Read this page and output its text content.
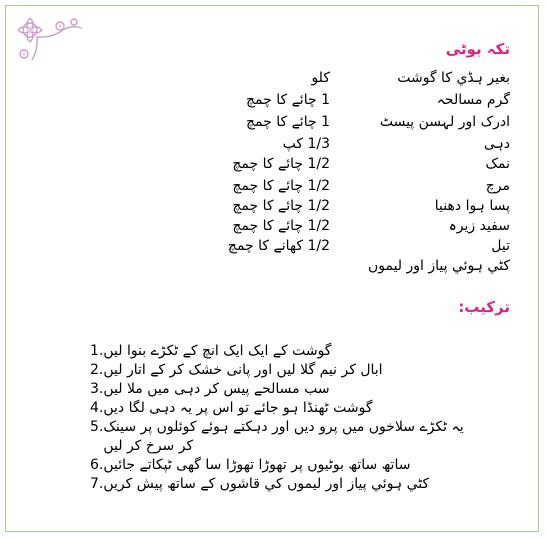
تکہ بوٹی
بغیر ہڈي کا گوشت
کلو
گرم مسالحہ
1 چائے کا چمچ
ادرک اور لہسن پیسٹ
1 چائے کا چمچ
دہی
1/3 کپ
نمک
1/2 چائے کا چمچ
مرچ
1/2 چائے کا چمچ
پسا ہوا دھنیا
1/2 چائے کا چمچ
سفید زیرہ
1/2 چائے کا چمچ
تیل
1/2 کھانے کا چمچ
کٹي ہوئي پیاز اور لیموں
ترکیب:
1. گوشت کے ایک ایک انچ کے ٹکڑے بنوا لیں
2. ابال کر نیم گلا لیں اور پانی خشک کر کے اتار لیں
3. سب مسالحے پیس کر دہی میں ملا لیں
4. گوشت ٹھنڈا ہو جائے تو اس پر یہ دہی لگا دیں
5. یہ ٹکڑے سلاخوں میں پرو دیں اور دہکتے ہوئے کوئلوں پر سینک کر سرخ کر لیں
6. ساتھ ساتھ بوٹیوں پر تھوڑا تھوڑا سا گھی ٹپکاتے جائیں
7. کٹي ہوئي پیاز اور لیموں کي قاشوں کے ساتھ پیش کریں
